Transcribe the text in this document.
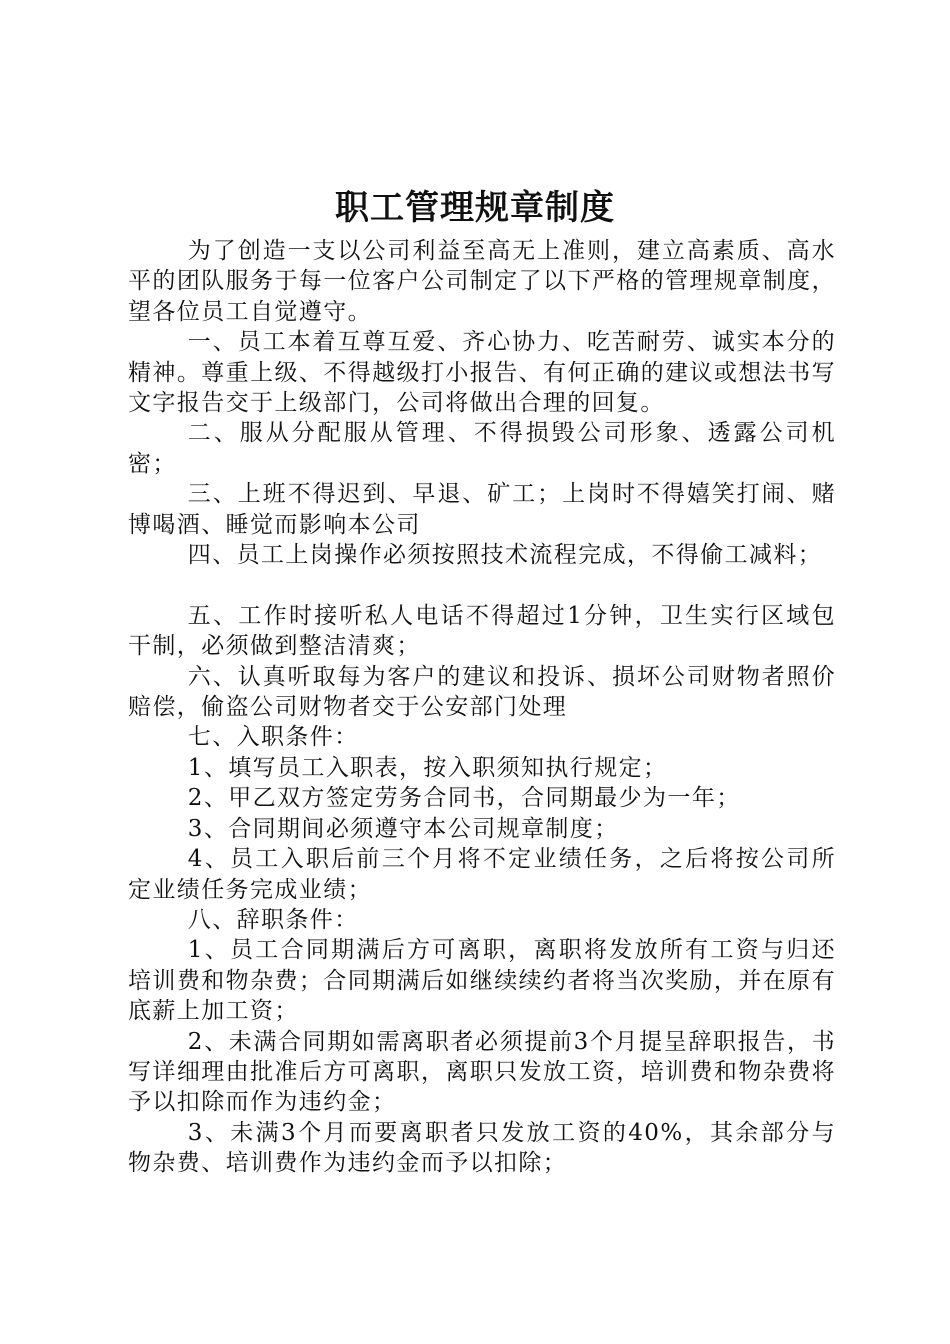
职工管理规章制度

为了创造一支以公司利益至高无上准则，建立高素质、高水平的团队服务于每一位客户公司制定了以下严格的管理规章制度，望各位员工自觉遵守。

一、员工本着互尊互爱、齐心协力、吃苦耐劳、诚实本分的精神。尊重上级、不得越级打小报告、有何正确的建议或想法书写文字报告交于上级部门，公司将做出合理的回复。

二、服从分配服从管理、不得损毁公司形象、透露公司机密；

三、上班不得迟到、早退、矿工；上岗时不得嬉笑打闹、赌博喝酒、睡觉而影响本公司

四、员工上岗操作必须按照技术流程完成，不得偷工减料；

五、工作时接听私人电话不得超过1分钟，卫生实行区域包干制，必须做到整洁清爽；

六、认真听取每为客户的建议和投诉、损坏公司财物者照价赔偿，偷盗公司财物者交于公安部门处理

七、入职条件：

1、填写员工入职表，按入职须知执行规定；

2、甲乙双方签定劳务合同书，合同期最少为一年；

3、合同期间必须遵守本公司规章制度；

4、员工入职后前三个月将不定业绩任务，之后将按公司所定业绩任务完成业绩；

八、辞职条件：

1、员工合同期满后方可离职，离职将发放所有工资与归还培训费和物杂费；合同期满后如继续续约者将当次奖励，并在原有底薪上加工资；

2、未满合同期如需离职者必须提前3个月提呈辞职报告，书写详细理由批准后方可离职，离职只发放工资，培训费和物杂费将予以扣除而作为违约金；

3、未满3个月而要离职者只发放工资的40%，其余部分与物杂费、培训费作为违约金而予以扣除；
